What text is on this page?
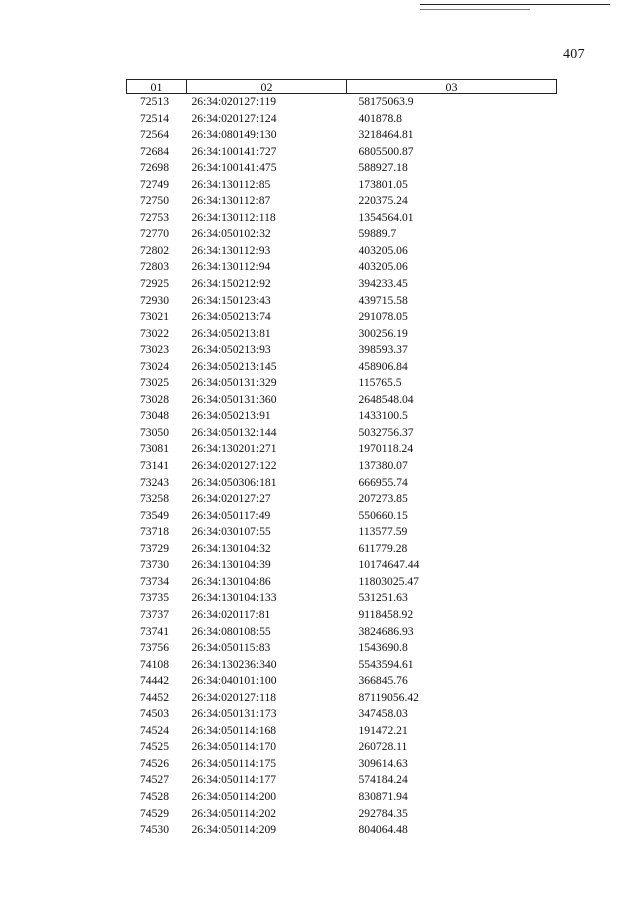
407
01	02	03
72513	26:34:020127:119	58175063.9
72514	26:34:020127:124	401878.8
72564	26:34:080149:130	3218464.81
72684	26:34:100141:727	6805500.87
72698	26:34:100141:475	588927.18
72749	26:34:130112:85	173801.05
72750	26:34:130112:87	220375.24
72753	26:34:130112:118	1354564.01
72770	26:34:050102:32	59889.7
72802	26:34:130112:93	403205.06
72803	26:34:130112:94	403205.06
72925	26:34:150212:92	394233.45
72930	26:34:150123:43	439715.58
73021	26:34:050213:74	291078.05
73022	26:34:050213:81	300256.19
73023	26:34:050213:93	398593.37
73024	26:34:050213:145	458906.84
73025	26:34:050131:329	115765.5
73028	26:34:050131:360	2648548.04
73048	26:34:050213:91	1433100.5
73050	26:34:050132:144	5032756.37
73081	26:34:130201:271	1970118.24
73141	26:34:020127:122	137380.07
73243	26:34:050306:181	666955.74
73258	26:34:020127:27	207273.85
73549	26:34:050117:49	550660.15
73718	26:34:030107:55	113577.59
73729	26:34:130104:32	611779.28
73730	26:34:130104:39	10174647.44
73734	26:34:130104:86	11803025.47
73735	26:34:130104:133	531251.63
73737	26:34:020117:81	9118458.92
73741	26:34:080108:55	3824686.93
73756	26:34:050115:83	1543690.8
74108	26:34:130236:340	5543594.61
74442	26:34:040101:100	366845.76
74452	26:34:020127:118	87119056.42
74503	26:34:050131:173	347458.03
74524	26:34:050114:168	191472.21
74525	26:34:050114:170	260728.11
74526	26:34:050114:175	309614.63
74527	26:34:050114:177	574184.24
74528	26:34:050114:200	830871.94
74529	26:34:050114:202	292784.35
74530	26:34:050114:209	804064.48
